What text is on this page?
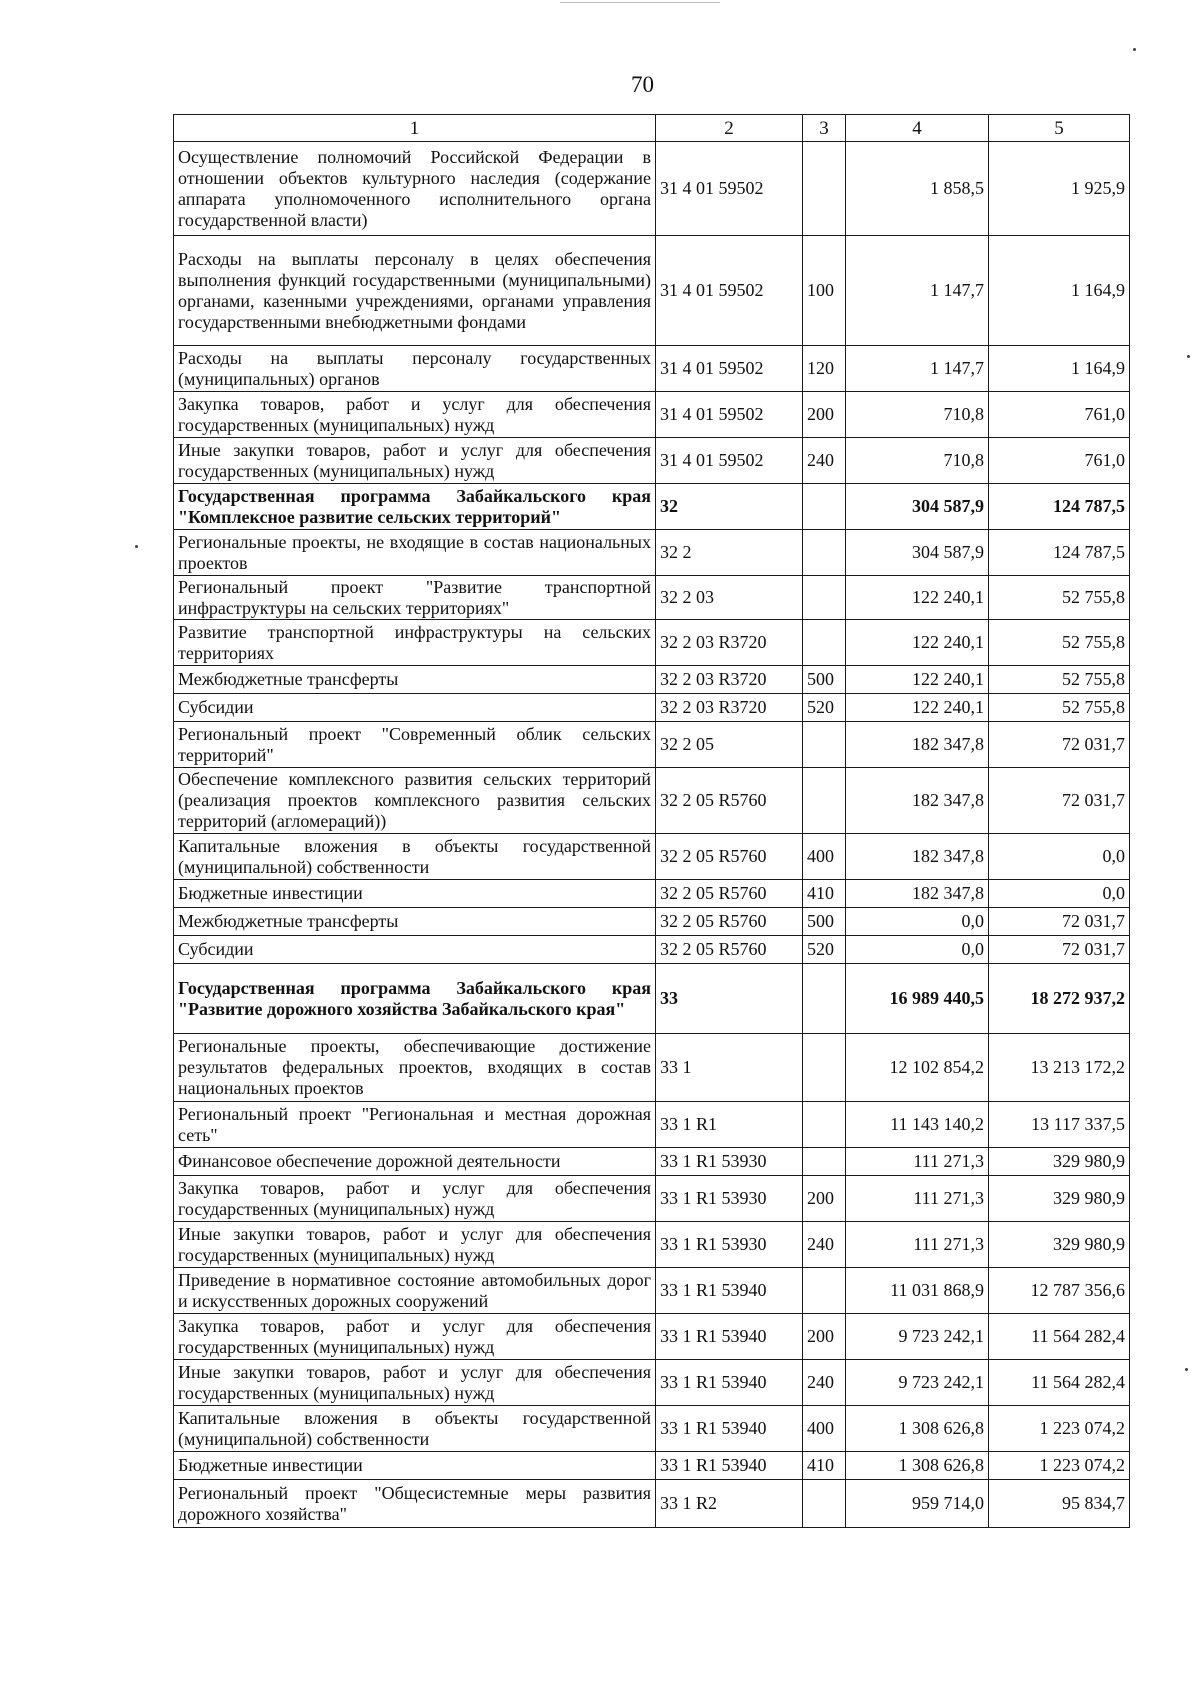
70
1	2	3	4	5
Осуществление полномочий Российской Федерации в отношении объектов культурного наследия (содержание аппарата уполномоченного исполнительного органа государственной власти)	31 4 01 59502		1 858,5	1 925,9
Расходы на выплаты персоналу в целях обеспечения выполнения функций государственными (муниципальными) органами, казенными учреждениями, органами управления государственными внебюджетными фондами	31 4 01 59502	100	1 147,7	1 164,9
Расходы на выплаты персоналу государственных (муниципальных) органов	31 4 01 59502	120	1 147,7	1 164,9
Закупка товаров, работ и услуг для обеспечения государственных (муниципальных) нужд	31 4 01 59502	200	710,8	761,0
Иные закупки товаров, работ и услуг для обеспечения государственных (муниципальных) нужд	31 4 01 59502	240	710,8	761,0
Государственная программа Забайкальского края "Комплексное развитие сельских территорий"	32		304 587,9	124 787,5
Региональные проекты, не входящие в состав национальных проектов	32 2		304 587,9	124 787,5
Региональный проект "Развитие транспортной инфраструктуры на сельских территориях"	32 2 03		122 240,1	52 755,8
Развитие транспортной инфраструктуры на сельских территориях	32 2 03 R3720		122 240,1	52 755,8
Межбюджетные трансферты	32 2 03 R3720	500	122 240,1	52 755,8
Субсидии	32 2 03 R3720	520	122 240,1	52 755,8
Региональный проект "Современный облик сельских территорий"	32 2 05		182 347,8	72 031,7
Обеспечение комплексного развития сельских территорий (реализация проектов комплексного развития сельских территорий (агломераций))	32 2 05 R5760		182 347,8	72 031,7
Капитальные вложения в объекты государственной (муниципальной) собственности	32 2 05 R5760	400	182 347,8	0,0
Бюджетные инвестиции	32 2 05 R5760	410	182 347,8	0,0
Межбюджетные трансферты	32 2 05 R5760	500	0,0	72 031,7
Субсидии	32 2 05 R5760	520	0,0	72 031,7
Государственная программа Забайкальского края "Развитие дорожного хозяйства Забайкальского края"	33		16 989 440,5	18 272 937,2
Региональные проекты, обеспечивающие достижение результатов федеральных проектов, входящих в состав национальных проектов	33 1		12 102 854,2	13 213 172,2
Региональный проект "Региональная и местная дорожная сеть"	33 1 R1		11 143 140,2	13 117 337,5
Финансовое обеспечение дорожной деятельности	33 1 R1 53930		111 271,3	329 980,9
Закупка товаров, работ и услуг для обеспечения государственных (муниципальных) нужд	33 1 R1 53930	200	111 271,3	329 980,9
Иные закупки товаров, работ и услуг для обеспечения государственных (муниципальных) нужд	33 1 R1 53930	240	111 271,3	329 980,9
Приведение в нормативное состояние автомобильных дорог и искусственных дорожных сооружений	33 1 R1 53940		11 031 868,9	12 787 356,6
Закупка товаров, работ и услуг для обеспечения государственных (муниципальных) нужд	33 1 R1 53940	200	9 723 242,1	11 564 282,4
Иные закупки товаров, работ и услуг для обеспечения государственных (муниципальных) нужд	33 1 R1 53940	240	9 723 242,1	11 564 282,4
Капитальные вложения в объекты государственной (муниципальной) собственности	33 1 R1 53940	400	1 308 626,8	1 223 074,2
Бюджетные инвестиции	33 1 R1 53940	410	1 308 626,8	1 223 074,2
Региональный проект "Общесистемные меры развития дорожного хозяйства"	33 1 R2		959 714,0	95 834,7
